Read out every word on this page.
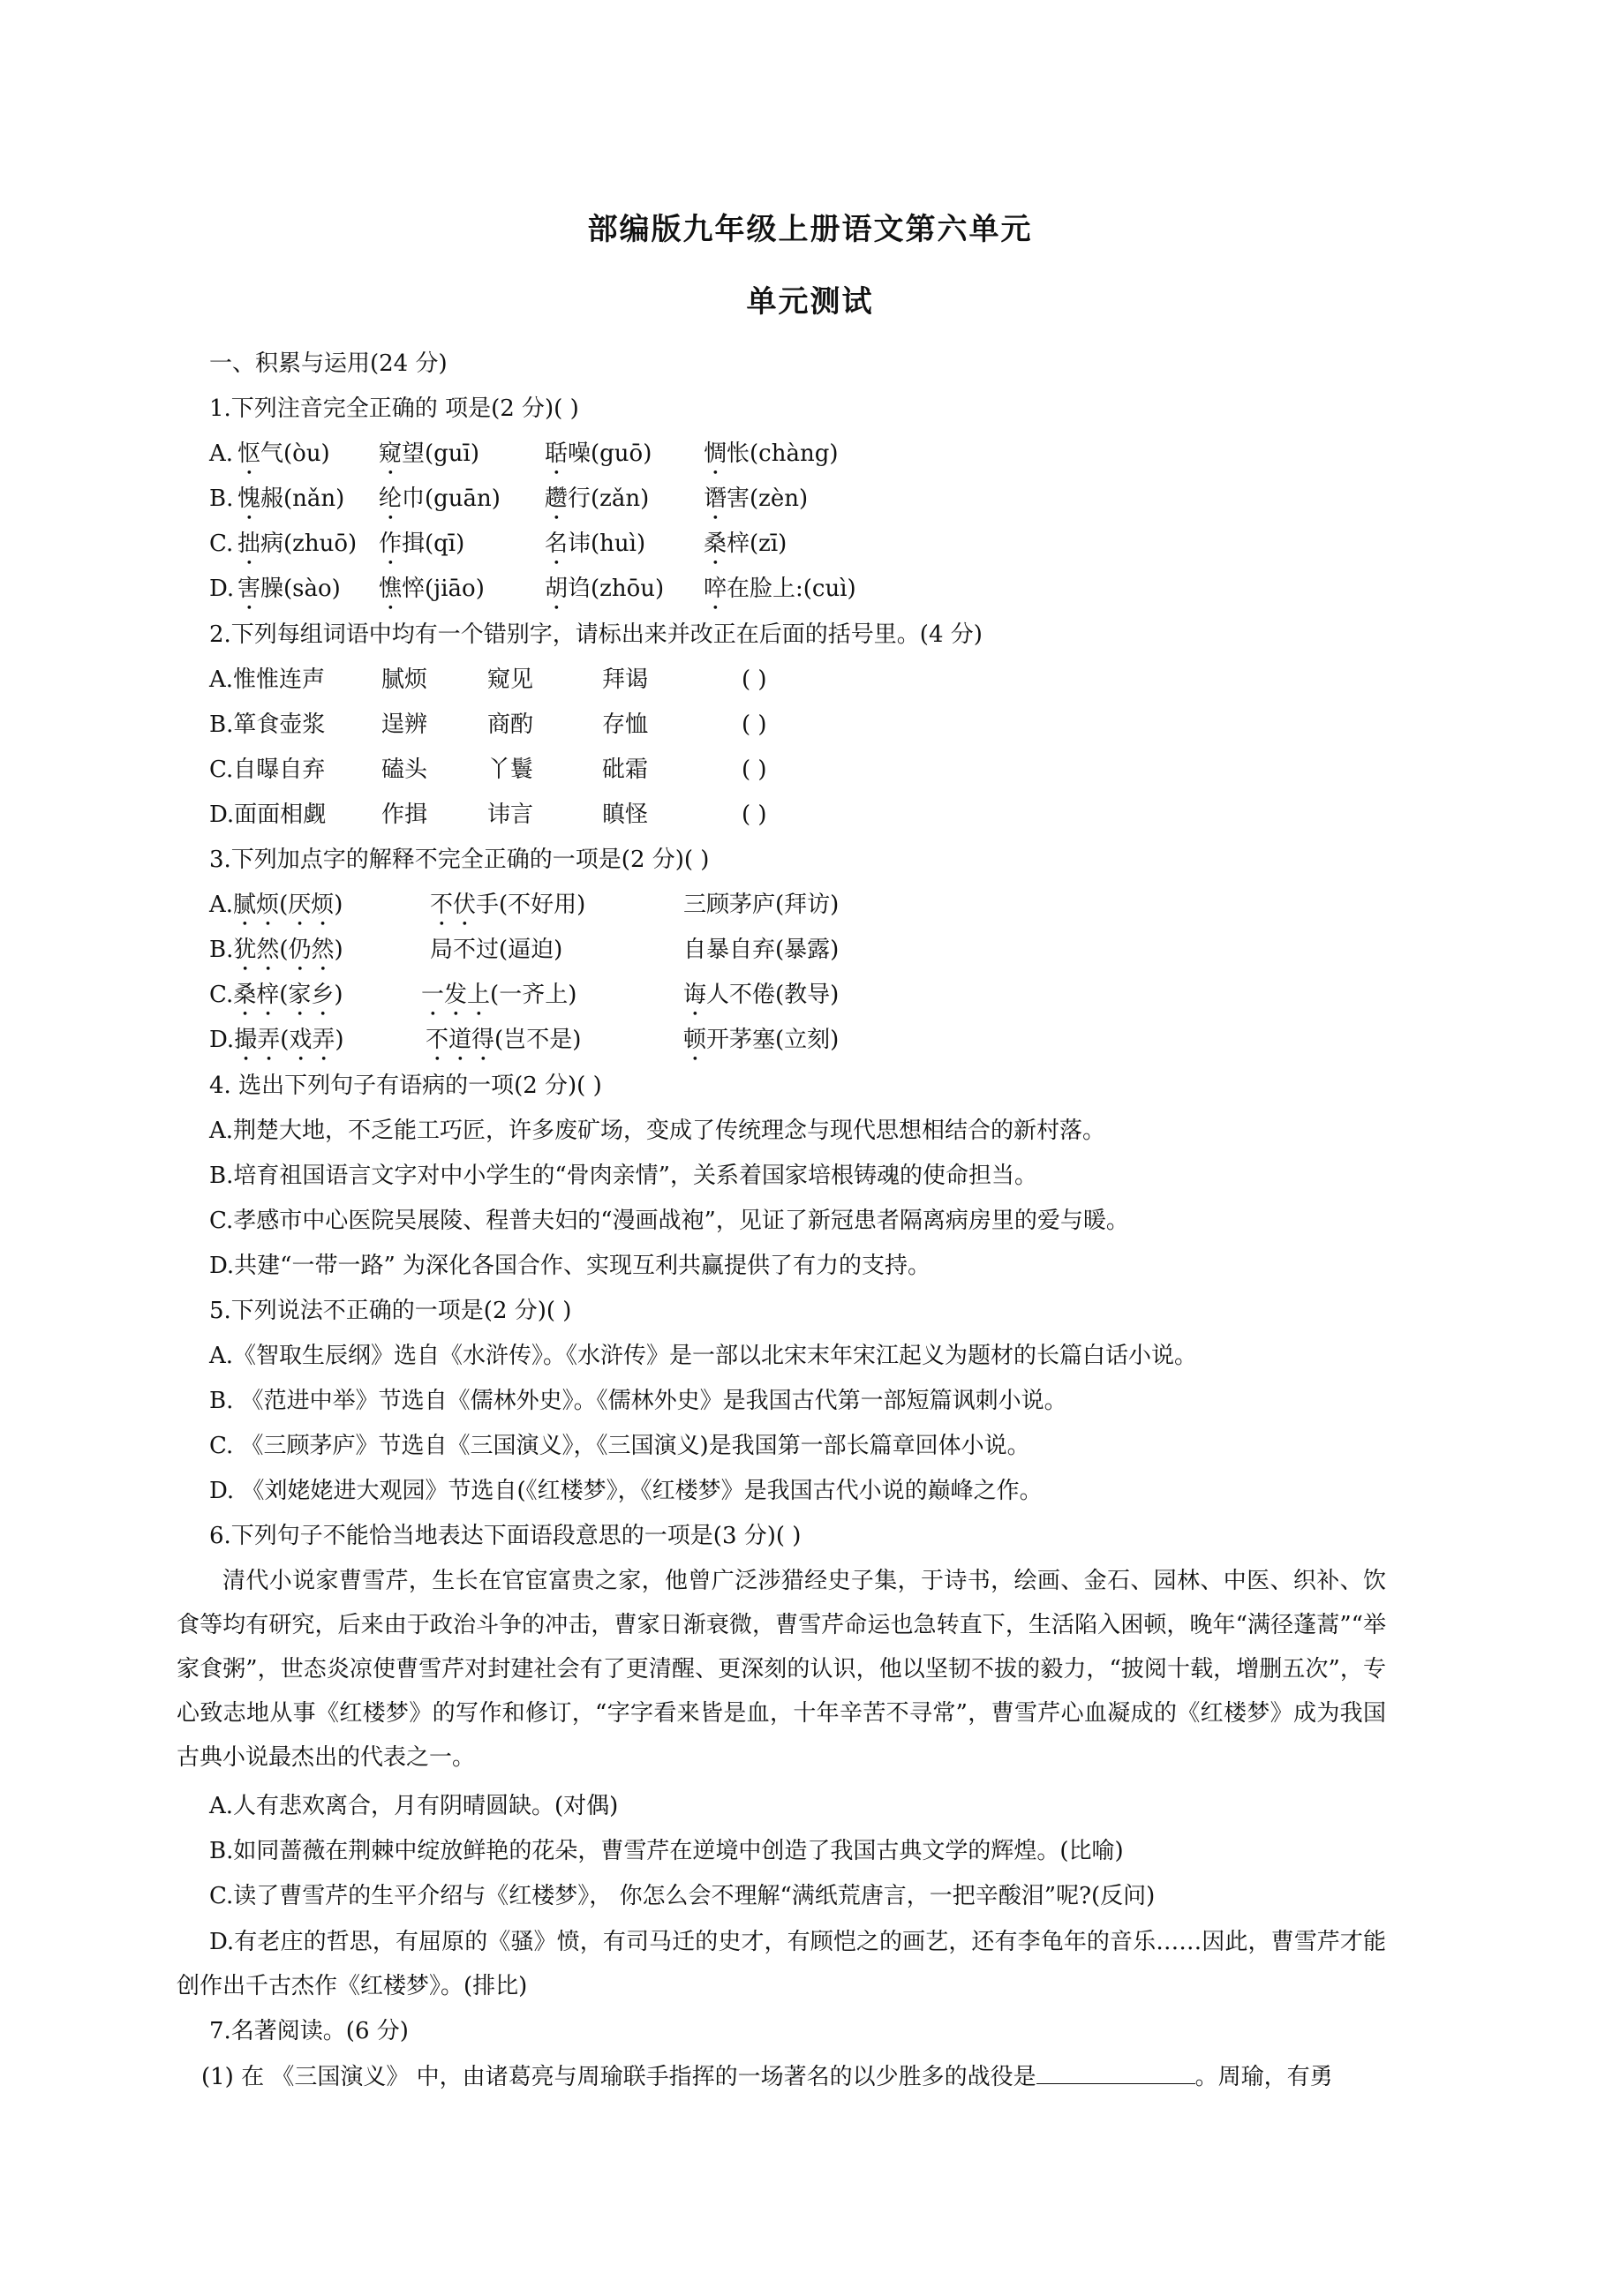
部编版九年级上册语文第六单元
单元测试
一、积累与运用(24 分)
1.下列注音完全正确的 项是(2 分)( )
A. 怄气(òu) 窥望(guī)	聒噪(guō) 惆怅(chàng)
B. 愧赧(nǎn) 纶巾(guān) 趱行(zǎn) 谮害(zèn)
C. 拙病(zhuō) 作揖(qī)	名讳(huì)	桑梓(zī)
D. 害臊(sào) 憔悴(jiāo)	胡诌(zhōu) 啐在脸上:(cuì)
2.下列每组词语中均有一个错别字，请标出来并改正在后面的括号里。(4 分)
A.惟惟连声 腻烦	窥见	拜谒	( )
B.箪食壶浆 逞辨	商酌	存恤	( )
C.自曝自弃 磕头	丫鬟	砒霜	( )
D.面面相觑 作揖	讳言	瞋怪	( )
3.下列加点字的解释不完全正确的一项是(2 分)( )
A.腻烦(厌烦)	不伏手(不好用)	三顾茅庐(拜访)
B.犹然(仍然)	局不过(逼迫)	自暴自弃(暴露)
C.桑梓(家乡)	一发上(一齐上)	诲人不倦(教导)
D.撮弄(戏弄)	不道得(岂不是)	顿开茅塞(立刻)
4. 选出下列句子有语病的一项(2 分)( )
A.荆楚大地，不乏能工巧匠，许多废矿场，变成了传统理念与现代思想相结合的新村落。
B.培育祖国语言文字对中小学生的“骨肉亲情”，关系着国家培根铸魂的使命担当。
C.孝感市中心医院吴展陵、程普夫妇的“漫画战袍”，见证了新冠患者隔离病房里的爱与暖。
D.共建“一带一路” 为深化各国合作、实现互利共赢提供了有力的支持。
5.下列说法不正确的一项是(2 分)( )
A.《智取生辰纲》选自《水浒传》。《水浒传》是一部以北宋末年宋江起义为题材的长篇白话小说。
B. 《范进中举》节选自《儒林外史》。《儒林外史》是我国古代第一部短篇讽刺小说。
C. 《三顾茅庐》节选自《三国演义》，《三国演义)是我国第一部长篇章回体小说。
D. 《刘姥姥进大观园》节选自(《红楼梦》，《红楼梦》是我国古代小说的巅峰之作。
6.下列句子不能恰当地表达下面语段意思的一项是(3 分)( )
清代小说家曹雪芹，生长在官宦富贵之家，他曾广泛涉猎经史子集，于诗书，绘画、金石、园林、中医、织补、饮食等均有研究，后来由于政治斗争的冲击，曹家日渐衰微，曹雪芹命运也急转直下，生活陷入困顿，晚年“满径蓬蒿”“举家食粥”，世态炎凉使曹雪芹对封建社会有了更清醒、更深刻的认识，他以坚韧不拔的毅力，“披阅十载，增删五次”，专心致志地从事《红楼梦》的写作和修订，“字字看来皆是血，十年辛苦不寻常”，曹雪芹心血凝成的《红楼梦》成为我国古典小说最杰出的代表之一。
A.人有悲欢离合，月有阴晴圆缺。(对偶)
B.如同蔷薇在荆棘中绽放鲜艳的花朵，曹雪芹在逆境中创造了我国古典文学的辉煌。(比喻)
C.读了曹雪芹的生平介绍与《红楼梦》， 你怎么会不理解“满纸荒唐言，一把辛酸泪”呢?(反问)
D.有老庄的哲思，有屈原的《骚》愤，有司马迁的史才，有顾恺之的画艺，还有李龟年的音乐……因此，曹雪芹才能创作出千古杰作《红楼梦》。(排比)
7.名著阅读。(6 分)
(1) 在 《三国演义》 中，由诸葛亮与周瑜联手指挥的一场著名的以少胜多的战役是	。周瑜，有勇
